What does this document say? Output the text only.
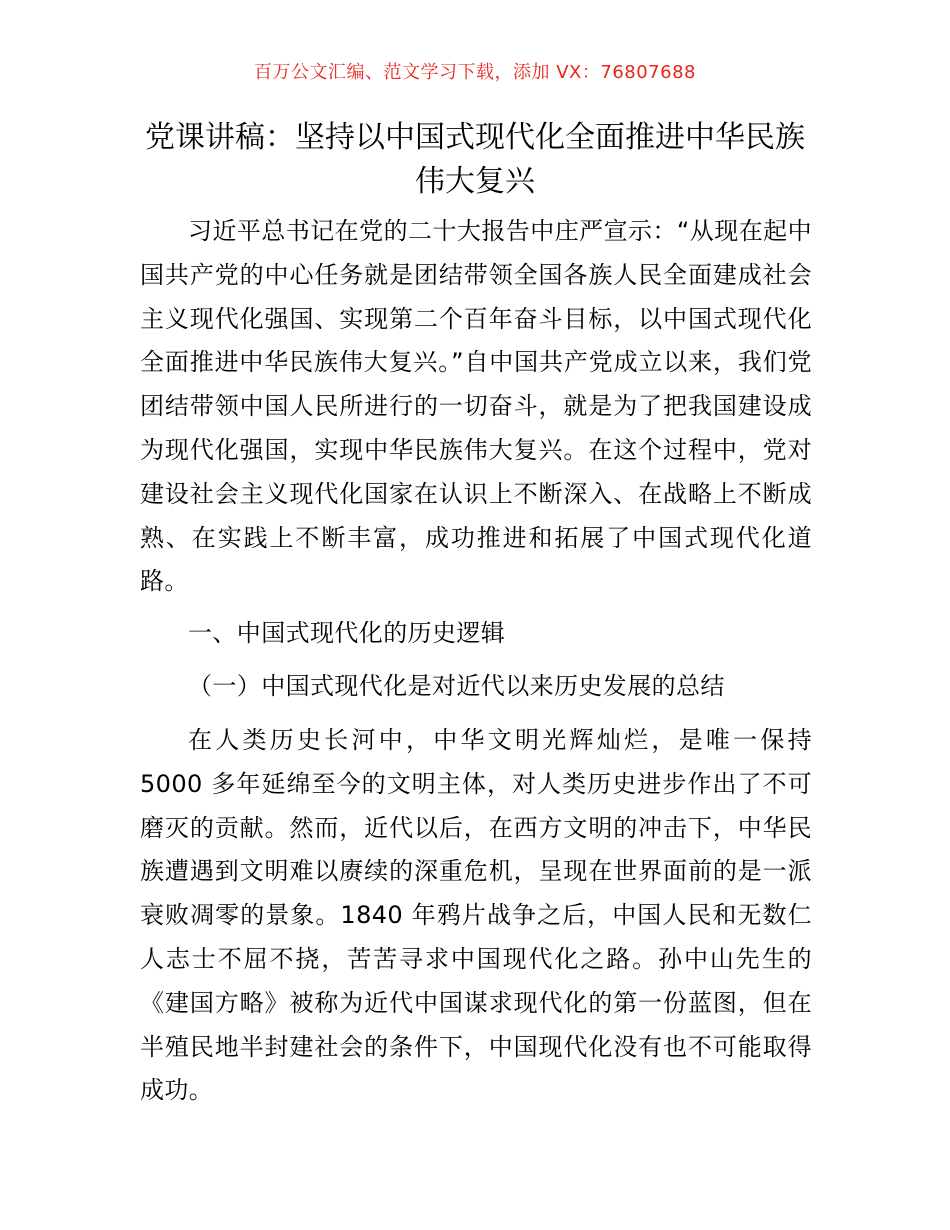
百万公文汇编、范文学习下载，添加 VX：76807688
党课讲稿：坚持以中国式现代化全面推进中华民族伟大复兴

习近平总书记在党的二十大报告中庄严宣示：“从现在起中国共产党的中心任务就是团结带领全国各族人民全面建成社会主义现代化强国、实现第二个百年奋斗目标，以中国式现代化全面推进中华民族伟大复兴。”自中国共产党成立以来，我们党团结带领中国人民所进行的一切奋斗，就是为了把我国建设成为现代化强国，实现中华民族伟大复兴。在这个过程中，党对建设社会主义现代化国家在认识上不断深入、在战略上不断成熟、在实践上不断丰富，成功推进和拓展了中国式现代化道路。

一、中国式现代化的历史逻辑

（一）中国式现代化是对近代以来历史发展的总结

在人类历史长河中，中华文明光辉灿烂，是唯一保持 5000 多年延绵至今的文明主体，对人类历史进步作出了不可磨灭的贡献。然而，近代以后，在西方文明的冲击下，中华民族遭遇到文明难以赓续的深重危机，呈现在世界面前的是一派衰败凋零的景象。1840 年鸦片战争之后，中国人民和无数仁人志士不屈不挠，苦苦寻求中国现代化之路。孙中山先生的《建国方略》被称为近代中国谋求现代化的第一份蓝图，但在半殖民地半封建社会的条件下，中国现代化没有也不可能取得成功。
